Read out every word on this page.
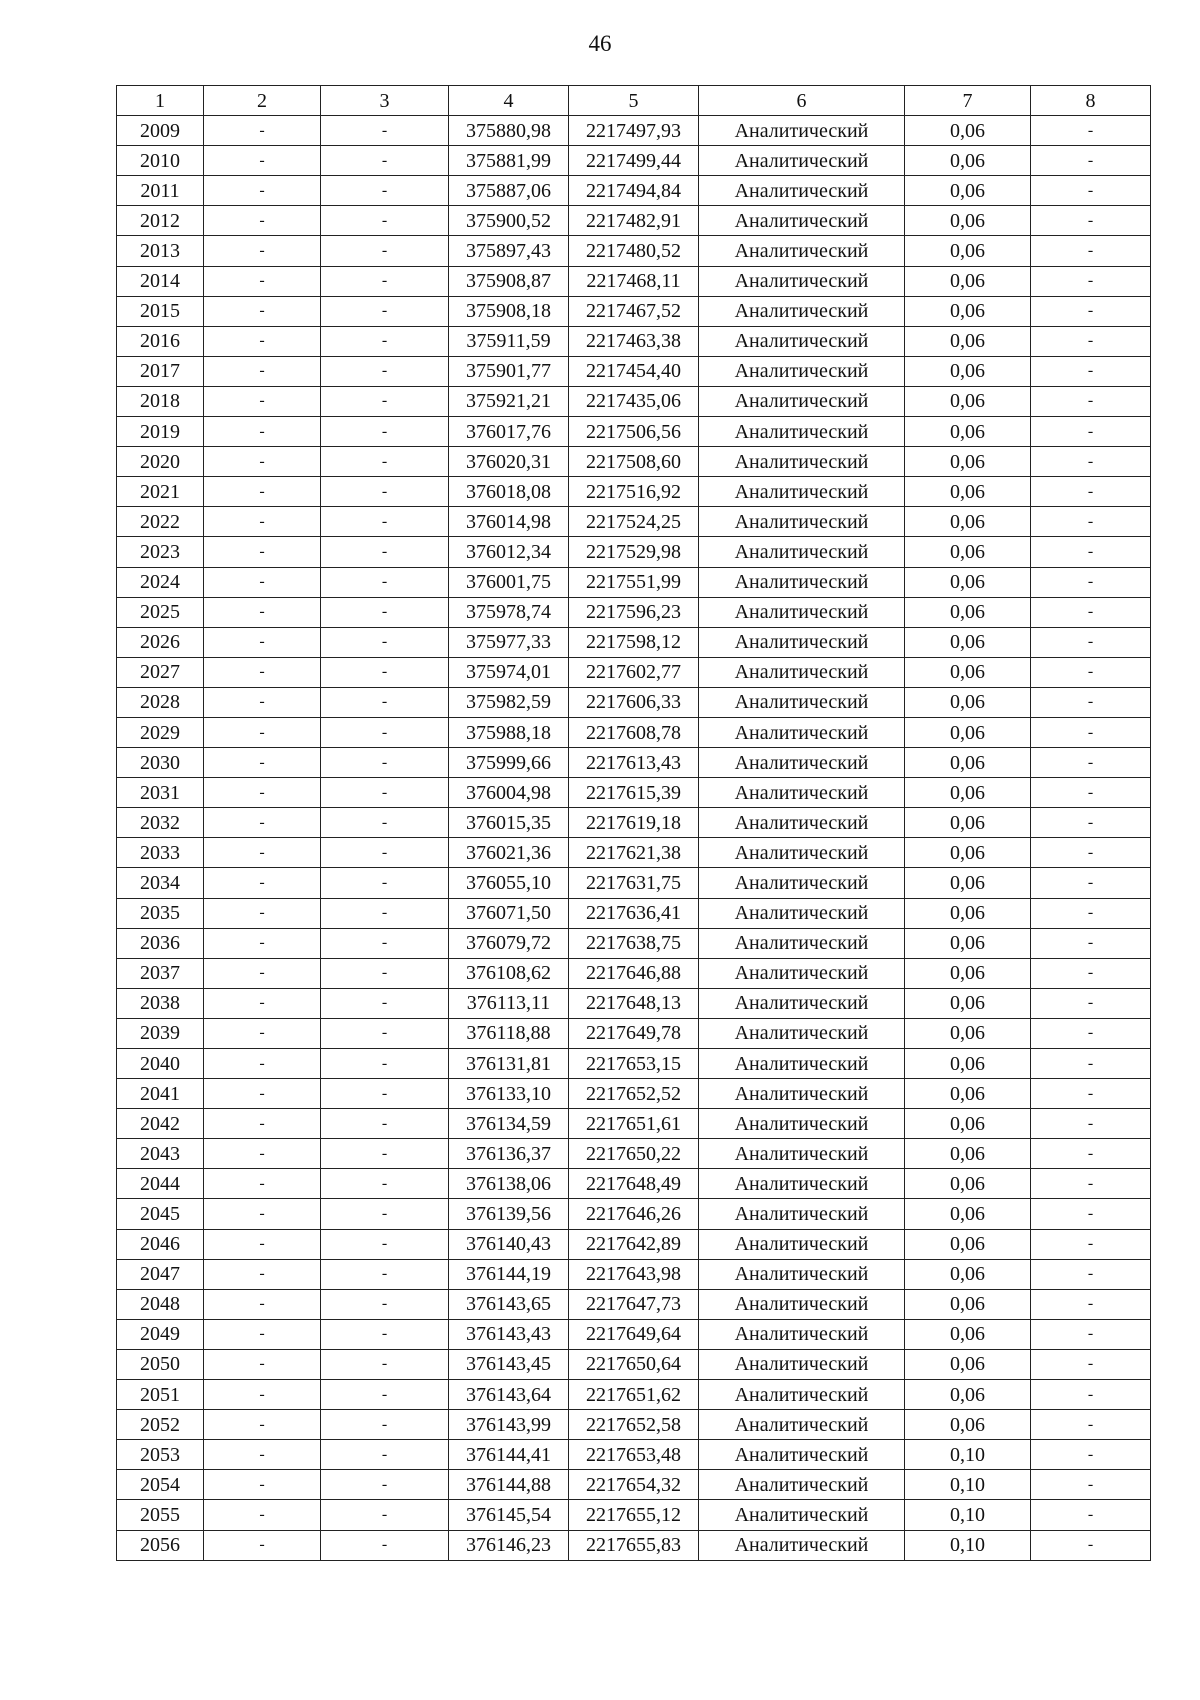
46
1	2	3	4	5	6	7	8
2009	-	-	375880,98	2217497,93	Аналитический	0,06	-
2010	-	-	375881,99	2217499,44	Аналитический	0,06	-
2011	-	-	375887,06	2217494,84	Аналитический	0,06	-
2012	-	-	375900,52	2217482,91	Аналитический	0,06	-
2013	-	-	375897,43	2217480,52	Аналитический	0,06	-
2014	-	-	375908,87	2217468,11	Аналитический	0,06	-
2015	-	-	375908,18	2217467,52	Аналитический	0,06	-
2016	-	-	375911,59	2217463,38	Аналитический	0,06	-
2017	-	-	375901,77	2217454,40	Аналитический	0,06	-
2018	-	-	375921,21	2217435,06	Аналитический	0,06	-
2019	-	-	376017,76	2217506,56	Аналитический	0,06	-
2020	-	-	376020,31	2217508,60	Аналитический	0,06	-
2021	-	-	376018,08	2217516,92	Аналитический	0,06	-
2022	-	-	376014,98	2217524,25	Аналитический	0,06	-
2023	-	-	376012,34	2217529,98	Аналитический	0,06	-
2024	-	-	376001,75	2217551,99	Аналитический	0,06	-
2025	-	-	375978,74	2217596,23	Аналитический	0,06	-
2026	-	-	375977,33	2217598,12	Аналитический	0,06	-
2027	-	-	375974,01	2217602,77	Аналитический	0,06	-
2028	-	-	375982,59	2217606,33	Аналитический	0,06	-
2029	-	-	375988,18	2217608,78	Аналитический	0,06	-
2030	-	-	375999,66	2217613,43	Аналитический	0,06	-
2031	-	-	376004,98	2217615,39	Аналитический	0,06	-
2032	-	-	376015,35	2217619,18	Аналитический	0,06	-
2033	-	-	376021,36	2217621,38	Аналитический	0,06	-
2034	-	-	376055,10	2217631,75	Аналитический	0,06	-
2035	-	-	376071,50	2217636,41	Аналитический	0,06	-
2036	-	-	376079,72	2217638,75	Аналитический	0,06	-
2037	-	-	376108,62	2217646,88	Аналитический	0,06	-
2038	-	-	376113,11	2217648,13	Аналитический	0,06	-
2039	-	-	376118,88	2217649,78	Аналитический	0,06	-
2040	-	-	376131,81	2217653,15	Аналитический	0,06	-
2041	-	-	376133,10	2217652,52	Аналитический	0,06	-
2042	-	-	376134,59	2217651,61	Аналитический	0,06	-
2043	-	-	376136,37	2217650,22	Аналитический	0,06	-
2044	-	-	376138,06	2217648,49	Аналитический	0,06	-
2045	-	-	376139,56	2217646,26	Аналитический	0,06	-
2046	-	-	376140,43	2217642,89	Аналитический	0,06	-
2047	-	-	376144,19	2217643,98	Аналитический	0,06	-
2048	-	-	376143,65	2217647,73	Аналитический	0,06	-
2049	-	-	376143,43	2217649,64	Аналитический	0,06	-
2050	-	-	376143,45	2217650,64	Аналитический	0,06	-
2051	-	-	376143,64	2217651,62	Аналитический	0,06	-
2052	-	-	376143,99	2217652,58	Аналитический	0,06	-
2053	-	-	376144,41	2217653,48	Аналитический	0,10	-
2054	-	-	376144,88	2217654,32	Аналитический	0,10	-
2055	-	-	376145,54	2217655,12	Аналитический	0,10	-
2056	-	-	376146,23	2217655,83	Аналитический	0,10	-
